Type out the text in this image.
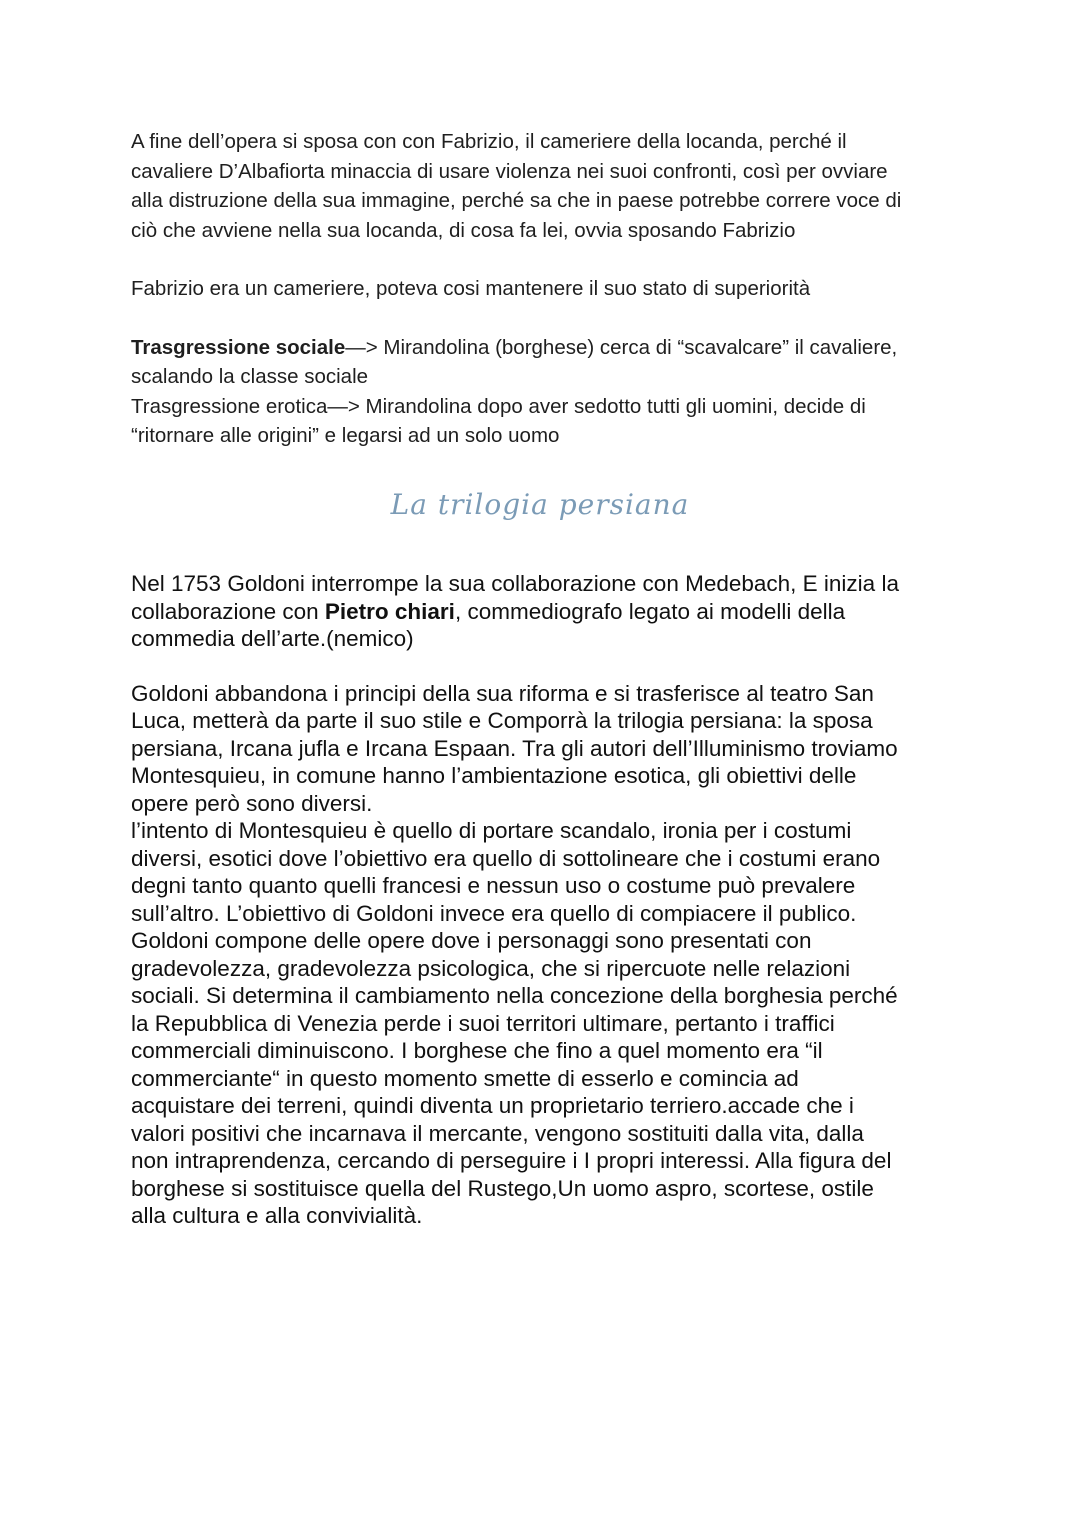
A fine dell’opera si sposa con con Fabrizio, il cameriere della locanda, perché il
cavaliere D’Albafiorta minaccia di usare violenza nei suoi confronti, così per ovviare
alla distruzione della sua immagine, perché sa che in paese potrebbe correre voce di
ciò che avviene nella sua locanda, di cosa fa lei, ovvia sposando Fabrizio

Fabrizio era un cameriere, poteva cosi mantenere il suo stato di superiorità

Trasgressione sociale—> Mirandolina (borghese) cerca di “scavalcare” il cavaliere,
scalando la classe sociale
Trasgressione erotica—> Mirandolina dopo aver sedotto tutti gli uomini, decide di
“ritornare alle origini” e legarsi ad un solo uomo

La trilogia persiana

Nel 1753 Goldoni interrompe la sua collaborazione con Medebach, E inizia la
collaborazione con Pietro chiari, commediografo legato ai modelli della
commedia dell’arte.(nemico)

Goldoni abbandona i principi della sua riforma e si trasferisce al teatro San
Luca, metterà da parte il suo stile e Comporrà la trilogia persiana: la sposa
persiana, Ircana jufla e Ircana Espaan. Tra gli autori dell’Illuminismo troviamo
Montesquieu, in comune hanno l’ambientazione esotica, gli obiettivi delle
opere però sono diversi.
l’intento di Montesquieu è quello di portare scandalo, ironia per i costumi
diversi, esotici dove l’obiettivo era quello di sottolineare che i costumi erano
degni tanto quanto quelli francesi e nessun uso o costume può prevalere
sull’altro. L’obiettivo di Goldoni invece era quello di compiacere il publico.
Goldoni compone delle opere dove i personaggi sono presentati con
gradevolezza, gradevolezza psicologica, che si ripercuote nelle relazioni
sociali. Si determina il cambiamento nella concezione della borghesia perché
la Repubblica di Venezia perde i suoi territori ultimare, pertanto i traffici
commerciali diminuiscono. I borghese che fino a quel momento era “il
commerciante“ in questo momento smette di esserlo e comincia ad
acquistare dei terreni, quindi diventa un proprietario terriero.accade che i
valori positivi che incarnava il mercante, vengono sostituiti dalla vita, dalla
non intraprendenza, cercando di perseguire i I propri interessi. Alla figura del
borghese si sostituisce quella del Rustego,Un uomo aspro, scortese, ostile
alla cultura e alla convivialità.
